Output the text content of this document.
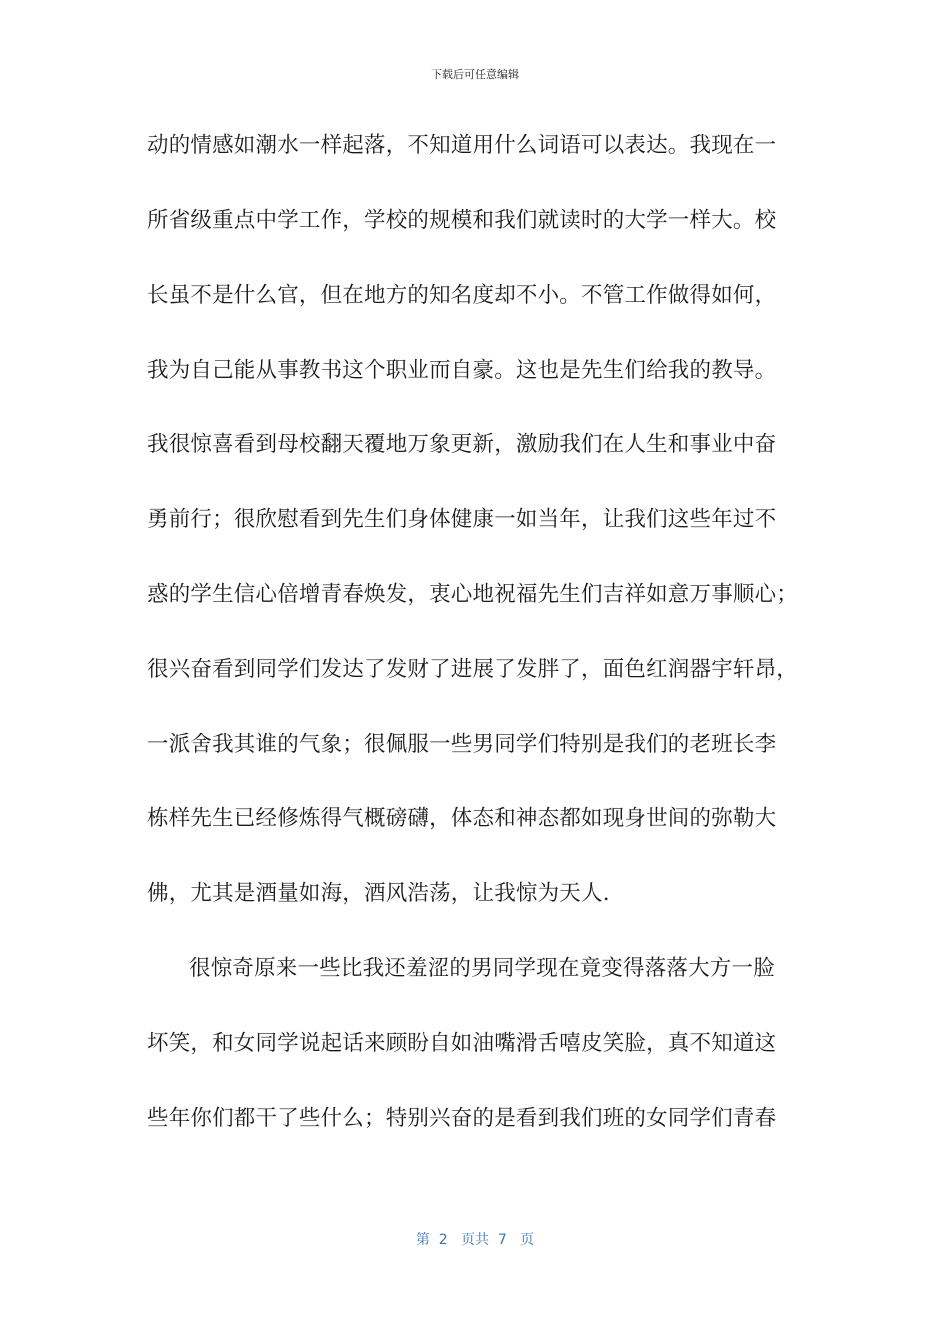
下载后可任意编辑
动的情感如潮水一样起落，不知道用什么词语可以表达。我现在一
所省级重点中学工作，学校的规模和我们就读时的大学一样大。校
长虽不是什么官，但在地方的知名度却不小。不管工作做得如何，
我为自己能从事教书这个职业而自豪。这也是先生们给我的教导。
我很惊喜看到母校翻天覆地万象更新，激励我们在人生和事业中奋
勇前行；很欣慰看到先生们身体健康一如当年，让我们这些年过不
惑的学生信心倍增青春焕发，衷心地祝福先生们吉祥如意万事顺心；
很兴奋看到同学们发达了发财了进展了发胖了，面色红润器宇轩昂，
一派舍我其谁的气象；很佩服一些男同学们特别是我们的老班长李
栋样先生已经修炼得气概磅礴，体态和神态都如现身世间的弥勒大
佛，尤其是酒量如海，酒风浩荡，让我惊为天人.
很惊奇原来一些比我还羞涩的男同学现在竟变得落落大方一脸
坏笑，和女同学说起话来顾盼自如油嘴滑舌嘻皮笑脸，真不知道这
些年你们都干了些什么；特别兴奋的是看到我们班的女同学们青春
第  2   页共  7   页
